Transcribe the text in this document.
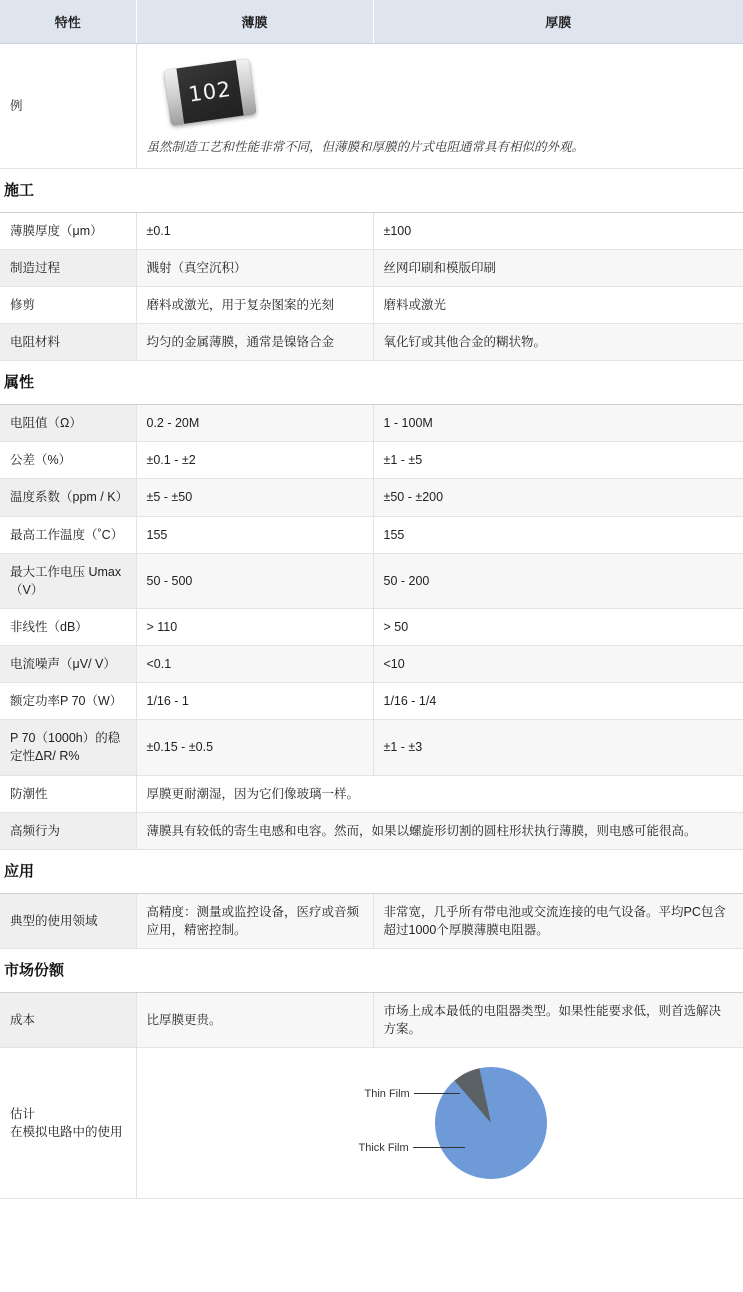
特性	薄膜	厚膜
例	102
虽然制造工艺和性能非常不同，但薄膜和厚膜的片式电阻通常具有相似的外观。	

施工		
薄膜厚度（μm）	±0.1	±100
制造过程	溅射（真空沉积）	丝网印刷和模版印刷
修剪	磨料或激光，用于复杂图案的光刻	磨料或激光
电阻材料	均匀的金属薄膜，通常是镍铬合金	氧化钌或其他合金的糊状物。
属性		
电阻值（Ω）	0.2 - 20M	1 - 100M
公差（%）	±0.1 - ±2	±1 - ±5
温度系数（ppm / K）	±5 - ±50	±50 - ±200
最高工作温度（˚C）	155	155
最大工作电压 Umax（V）	50 - 500	50 - 200
非线性（dB）	> 110	> 50
电流噪声（μV/ V）	<0.1	<10
额定功率P 70（W）	1/16 - 1	1/16 - 1/4
P 70（1000h）的稳定性ΔR/ R%	±0.15 - ±0.5	±1 - ±3
防潮性	厚膜更耐潮湿，因为它们像玻璃一样。	
高频行为	薄膜具有较低的寄生电感和电容。然而，如果以螺旋形切割的圆柱形状执行薄膜，则电感可能很高。	
应用		
典型的使用领域	高精度：测量或监控设备，医疗或音频应用，精密控制。	非常宽，几乎所有带电池或交流连接的电气设备。平均PC包含超过1000个厚膜薄膜电阻器。
市场份额		
成本	比厚膜更贵。	市场上成本最低的电阻器类型。如果性能要求低，则首选解决方案。

估计
在模拟电路中的使用

Thin Film
Thick Film
